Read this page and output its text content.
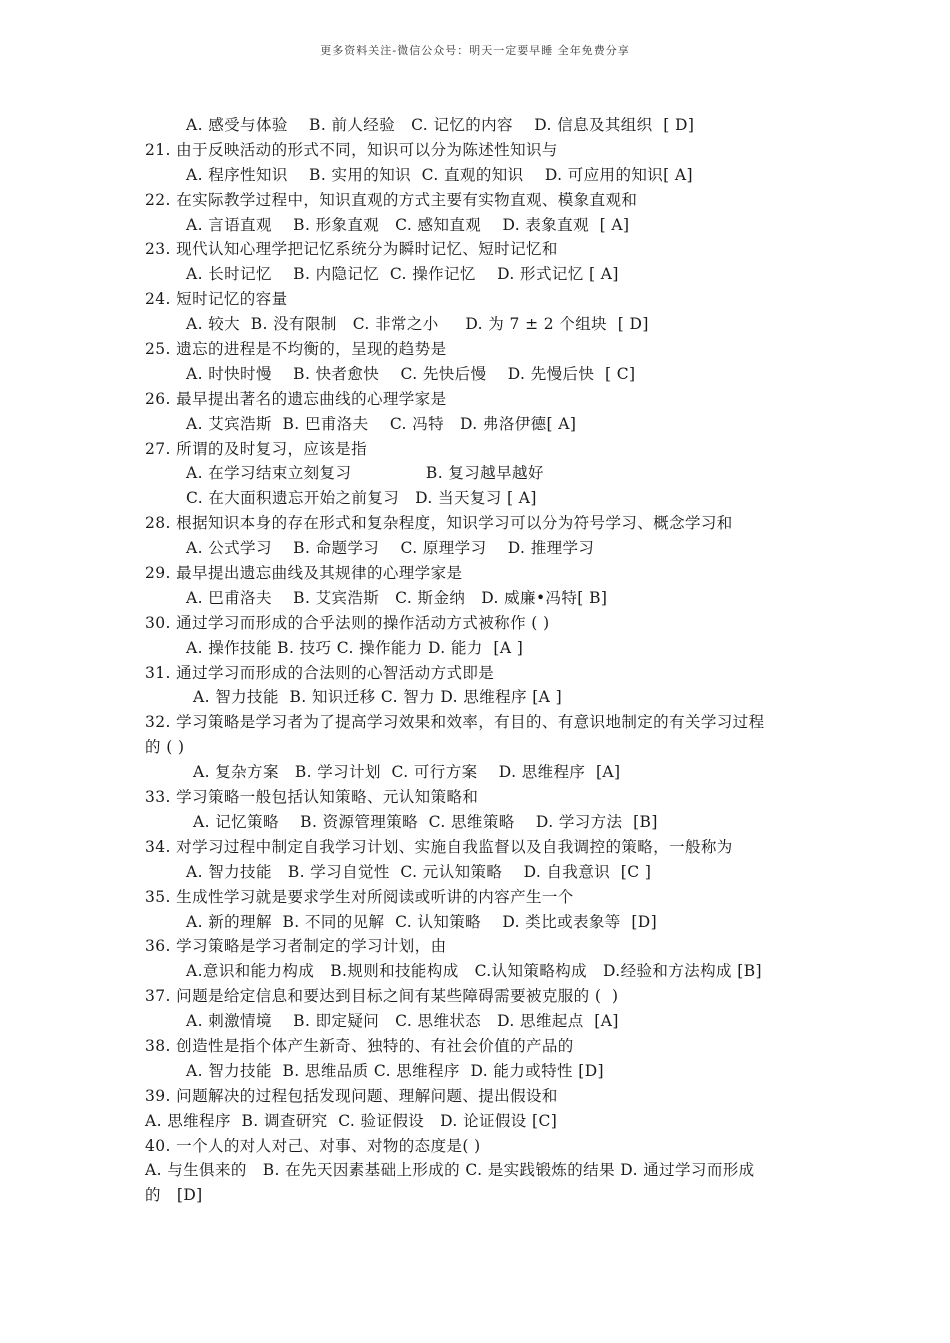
更多资料关注-微信公众号：明天一定要早睡 全年免费分享
A. 感受与体验    B. 前人经验   C. 记忆的内容    D. 信息及其组织  [ D]
21. 由于反映活动的形式不同，知识可以分为陈述性知识与
A. 程序性知识    B. 实用的知识  C. 直观的知识    D. 可应用的知识[ A]
22. 在实际教学过程中，知识直观的方式主要有实物直观、模象直观和
A. 言语直观    B. 形象直观   C. 感知直观    D. 表象直观  [ A]
23. 现代认知心理学把记忆系统分为瞬时记忆、短时记忆和
A. 长时记忆    B. 内隐记忆  C. 操作记忆    D. 形式记忆 [ A]
24. 短时记忆的容量
A. 较大  B. 没有限制   C. 非常之小     D. 为 7 ± 2 个组块  [ D]
25. 遗忘的进程是不均衡的，呈现的趋势是
A. 时快时慢    B. 快者愈快    C. 先快后慢    D. 先慢后快  [ C]
26. 最早提出著名的遗忘曲线的心理学家是
A. 艾宾浩斯  B. 巴甫洛夫    C. 冯特   D. 弗洛伊德[ A]
27. 所谓的及时复习，应该是指
A. 在学习结束立刻复习              B. 复习越早越好
C. 在大面积遗忘开始之前复习   D. 当天复习 [ A]
28. 根据知识本身的存在形式和复杂程度，知识学习可以分为符号学习、概念学习和
A. 公式学习    B. 命题学习    C. 原理学习    D. 推理学习
29. 最早提出遗忘曲线及其规律的心理学家是
A. 巴甫洛夫    B. 艾宾浩斯   C. 斯金纳   D. 威廉•冯特[ B]
30. 通过学习而形成的合乎法则的操作活动方式被称作 ( )
A. 操作技能 B. 技巧 C. 操作能力 D. 能力  [A ]
31. 通过学习而形成的合法则的心智活动方式即是
A. 智力技能  B. 知识迁移 C. 智力 D. 思维程序 [A ]
32. 学习策略是学习者为了提高学习效果和效率，有目的、有意识地制定的有关学习过程
的 ( )
A. 复杂方案   B. 学习计划  C. 可行方案    D. 思维程序  [A]
33. 学习策略一般包括认知策略、元认知策略和
A. 记忆策略    B. 资源管理策略  C. 思维策略    D. 学习方法  [B]
34. 对学习过程中制定自我学习计划、实施自我监督以及自我调控的策略，一般称为
A. 智力技能   B. 学习自觉性  C. 元认知策略    D. 自我意识  [C ]
35. 生成性学习就是要求学生对所阅读或听讲的内容产生一个
A. 新的理解  B. 不同的见解  C. 认知策略    D. 类比或表象等  [D]
36. 学习策略是学习者制定的学习计划，由
A.意识和能力构成   B.规则和技能构成   C.认知策略构成   D.经验和方法构成 [B]
37. 问题是给定信息和要达到目标之间有某些障碍需要被克服的 (  )
A. 刺激情境    B. 即定疑问   C. 思维状态   D. 思维起点  [A]
38. 创造性是指个体产生新奇、独特的、有社会价值的产品的
A. 智力技能  B. 思维品质 C. 思维程序  D. 能力或特性 [D]
39. 问题解决的过程包括发现问题、理解问题、提出假设和
A. 思维程序  B. 调查研究  C. 验证假设   D. 论证假设 [C]
40. 一个人的对人对己、对事、对物的态度是( )
A. 与生俱来的   B. 在先天因素基础上形成的 C. 是实践锻炼的结果 D. 通过学习而形成
的   [D]
